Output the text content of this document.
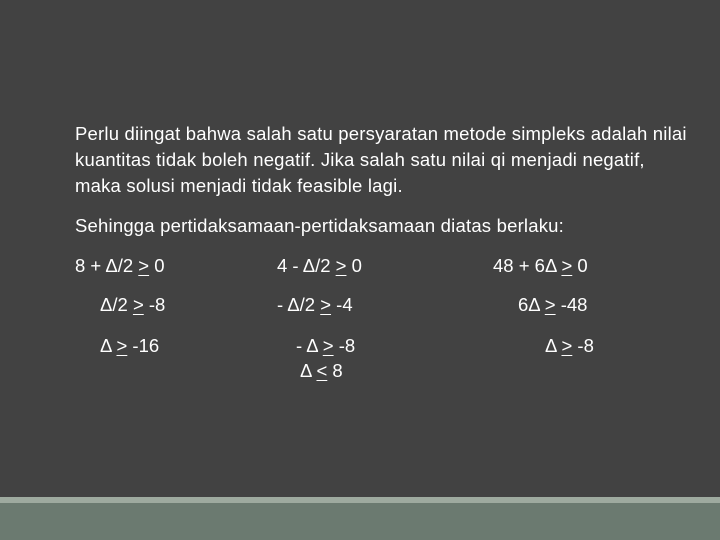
Perlu diingat bahwa salah satu persyaratan metode simpleks adalah nilai kuantitas tidak boleh negatif. Jika salah satu nilai qi menjadi negatif, maka solusi menjadi tidak feasible lagi.
Sehingga pertidaksamaan-pertidaksamaan diatas berlaku:
8 + Δ/2 > 0
Δ/2 > -8
Δ > -16
4 - Δ/2 > 0
- Δ/2 > -4
- Δ > -8
Δ < 8
48 + 6Δ > 0
6Δ > -48
Δ > -8
